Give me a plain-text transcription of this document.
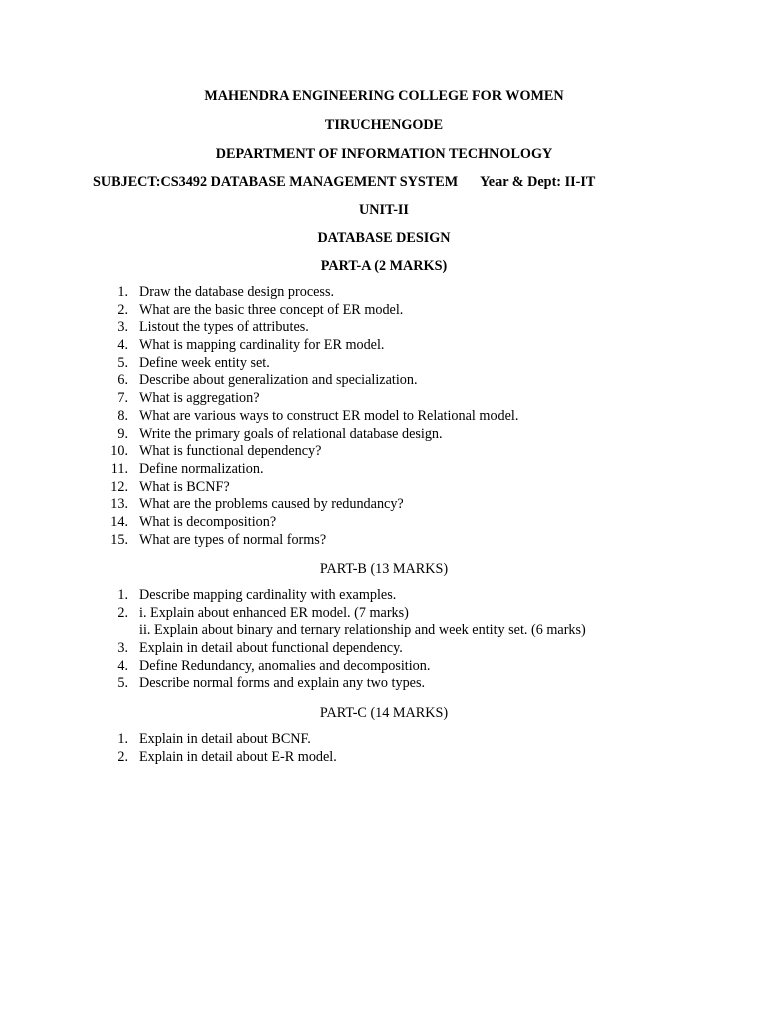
MAHENDRA ENGINEERING COLLEGE FOR WOMEN
TIRUCHENGODE
DEPARTMENT OF INFORMATION TECHNOLOGY
SUBJECT:CS3492 DATABASE MANAGEMENT SYSTEM Year & Dept: II-IT
UNIT-II
DATABASE DESIGN
PART-A (2 MARKS)
1. Draw the database design process.
2. What are the basic three concept of ER model.
3. Listout the types of attributes.
4. What is mapping cardinality for ER model.
5. Define week entity set.
6. Describe about generalization and specialization.
7. What is aggregation?
8. What are various ways to construct ER model to Relational model.
9. Write the primary goals of relational database design.
10. What is functional dependency?
11. Define normalization.
12. What is BCNF?
13. What are the problems caused by redundancy?
14. What is decomposition?
15. What are types of normal forms?
PART-B (13 MARKS)
1. Describe mapping cardinality with examples.
2. i. Explain about enhanced ER model. (7 marks)
ii. Explain about binary and ternary relationship and week entity set. (6 marks)
3. Explain in detail about functional dependency.
4. Define Redundancy, anomalies and decomposition.
5. Describe normal forms and explain any two types.
PART-C (14 MARKS)
1. Explain in detail about BCNF.
2. Explain in detail about E-R model.
